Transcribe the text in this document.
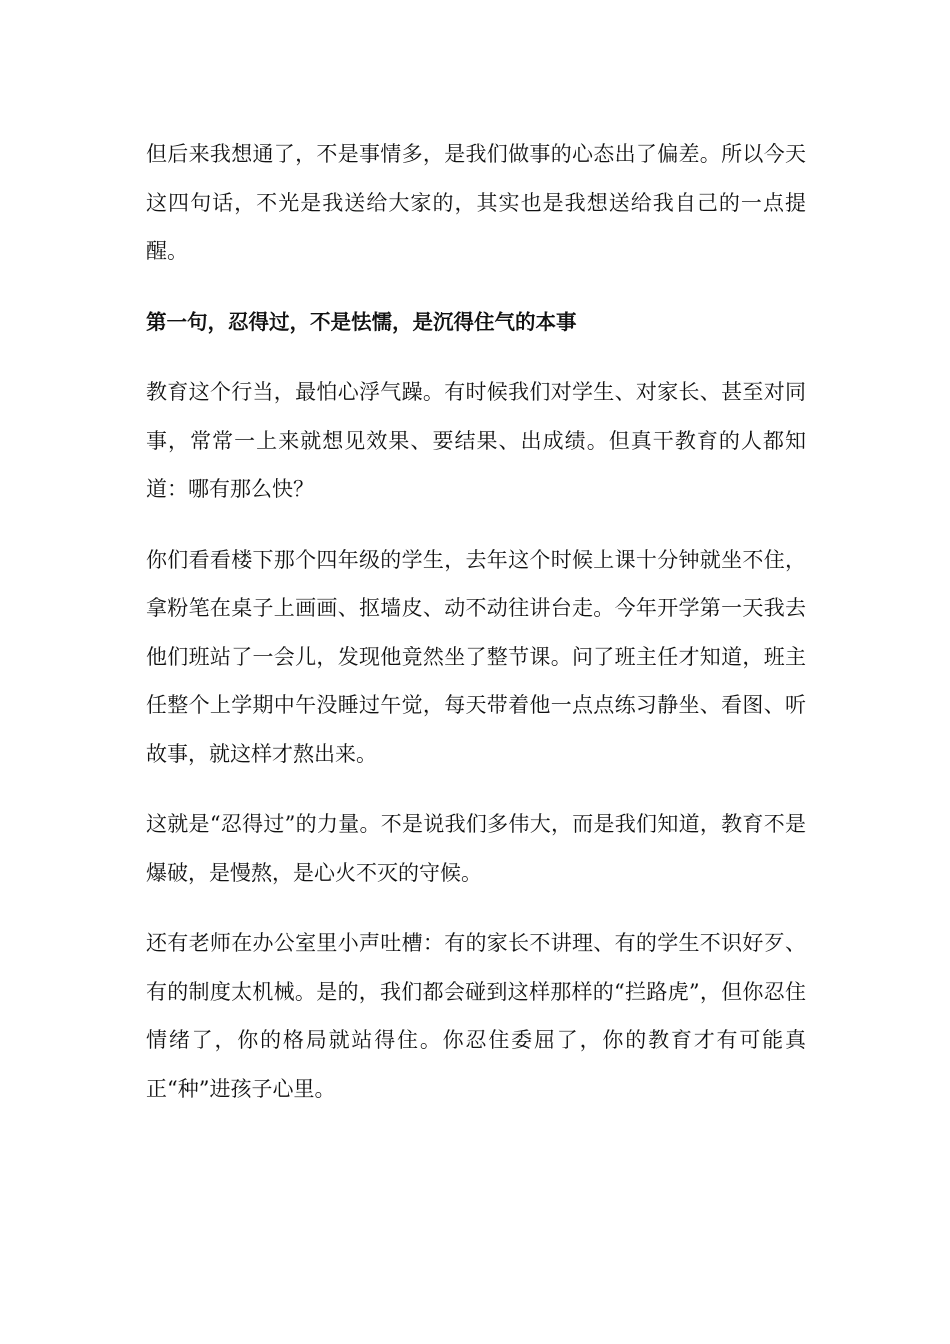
但后来我想通了，不是事情多，是我们做事的心态出了偏差。所以今天这四句话，不光是我送给大家的，其实也是我想送给我自己的一点提醒。

第一句，忍得过，不是怯懦，是沉得住气的本事

教育这个行当，最怕心浮气躁。有时候我们对学生、对家长、甚至对同事，常常一上来就想见效果、要结果、出成绩。但真干教育的人都知道：哪有那么快？

你们看看楼下那个四年级的学生，去年这个时候上课十分钟就坐不住，拿粉笔在桌子上画画、抠墙皮、动不动往讲台走。今年开学第一天我去他们班站了一会儿，发现他竟然坐了整节课。问了班主任才知道，班主任整个上学期中午没睡过午觉，每天带着他一点点练习静坐、看图、听故事，就这样才熬出来。

这就是“忍得过”的力量。不是说我们多伟大，而是我们知道，教育不是爆破，是慢熬，是心火不灭的守候。

还有老师在办公室里小声吐槽：有的家长不讲理、有的学生不识好歹、有的制度太机械。是的，我们都会碰到这样那样的“拦路虎”，但你忍住情绪了，你的格局就站得住。你忍住委屈了，你的教育才有可能真正“种”进孩子心里。
